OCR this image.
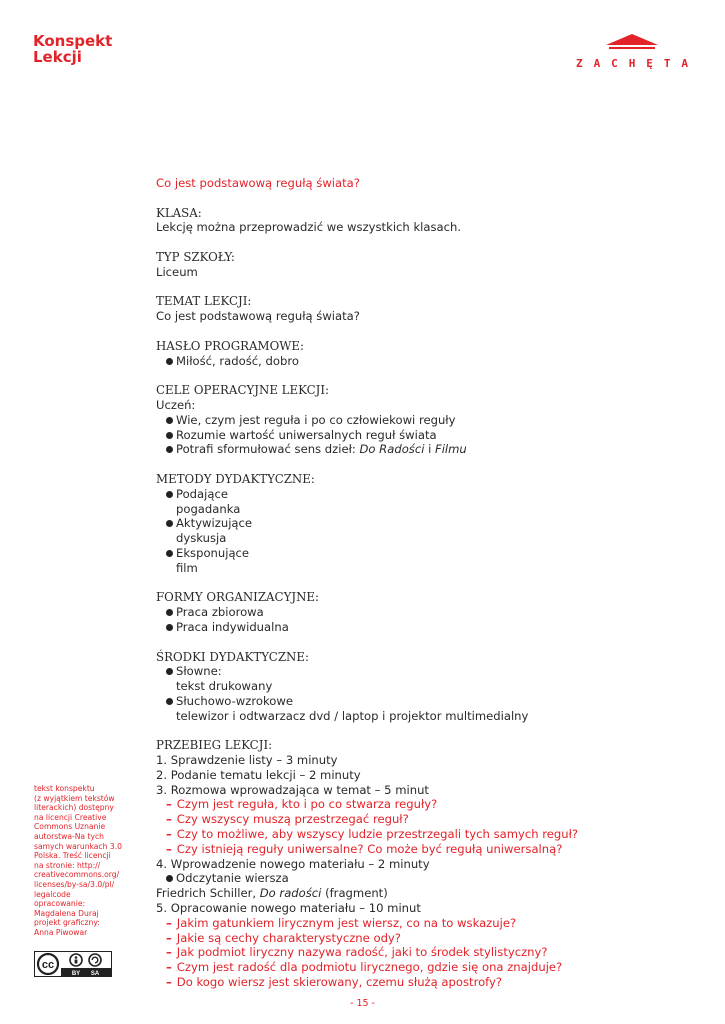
Konspekt
Lekcji	Z A C H Ę T A
Co jest podstawową regułą świata?
KLASA:
Lekcję można przeprowadzić we wszystkich klasach.
TYP SZKOŁY:
Liceum
TEMAT LEKCJI:
Co jest podstawową regułą świata?
HASŁO PROGRAMOWE:
Miłość, radość, dobro
CELE OPERACYJNE LEKCJI:
Uczeń:
Wie, czym jest reguła i po co człowiekowi reguły
Rozumie wartość uniwersalnych reguł świata
Potrafi sformułować sens dzieł: Do Radości i Filmu
METODY DYDAKTYCZNE:
Podające
pogadanka
Aktywizujące
dyskusja
Eksponujące
film
FORMY ORGANIZACYJNE:
Praca zbiorowa
Praca indywidualna
ŚRODKI DYDAKTYCZNE:
Słowne:
tekst drukowany
Słuchowo-wzrokowe
telewizor i odtwarzacz dvd / laptop i projektor multimedialny
PRZEBIEG LEKCJI:
1. Sprawdzenie listy – 3 minuty
2. Podanie tematu lekcji – 2 minuty
3. Rozmowa wprowadzająca w temat – 5 minut
– Czym jest reguła, kto i po co stwarza reguły?
– Czy wszyscy muszą przestrzegać reguł?
– Czy to możliwe, aby wszyscy ludzie przestrzegali tych samych reguł?
– Czy istnieją reguły uniwersalne? Co może być regułą uniwersalną?
4. Wprowadzenie nowego materiału – 2 minuty
Odczytanie wiersza
Friedrich Schiller, Do radości (fragment)
5. Opracowanie nowego materiału – 10 minut
– Jakim gatunkiem lirycznym jest wiersz, co na to wskazuje?
– Jakie są cechy charakterystyczne ody?
– Jak podmiot liryczny nazywa radość, jaki to środek stylistyczny?
– Czym jest radość dla podmiotu lirycznego, gdzie się ona znajduje?
– Do kogo wiersz jest skierowany, czemu służą apostrofy?
tekst konspektu
(z wyjątkiem tekstów
literackich) dostępny
na licencji Creative
Commons Uznanie
autorstwa-Na tych
samych warunkach 3.0
Polska. Treść licencji
na stronie: http://
creativecommons.org/
licenses/by-sa/3.0/pl/
legalcode
opracowanie:
Magdalena Duraj
projekt graficzny:
Anna Piwowar
cc
BY SA
- 15 -
